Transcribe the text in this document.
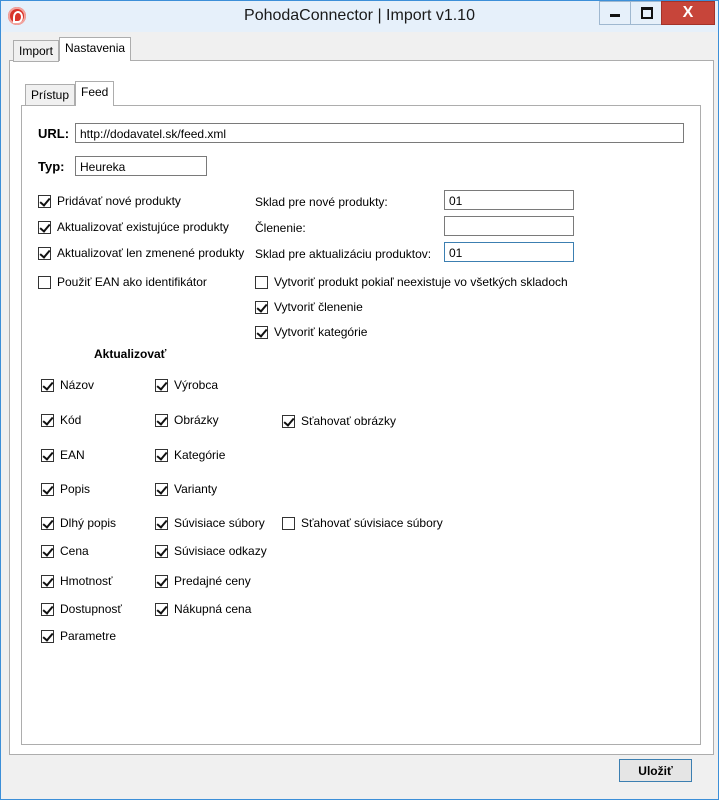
PohodaConnector | Import v1.10	X
Import Nastavenia
Prístup Feed
URL: http://dodavatel.sk/feed.xml
Typ:	Heureka
Pridávať nové produkty
Aktualizovať existujúce produkty
Aktualizovať len zmenené produkty
Použiť EAN ako identifikátor
Sklad pre nové produkty:	01
Členenie:
Sklad pre aktualizáciu produktov:	01
Vytvoriť produkt pokiaľ neexistuje vo všetkých skladoch
Vytvoriť členenie
Vytvoriť kategórie
Aktualizovať
Názov
Kód
EAN
Popis
Dlhý popis
Cena
Hmotnosť
Dostupnosť
Parametre
Výrobca
Obrázky
Kategórie
Varianty
Súvisiace súbory
Súvisiace odkazy
Predajné ceny
Nákupná cena
Sťahovať obrázky
Sťahovať súvisiace súbory
Uložiť
